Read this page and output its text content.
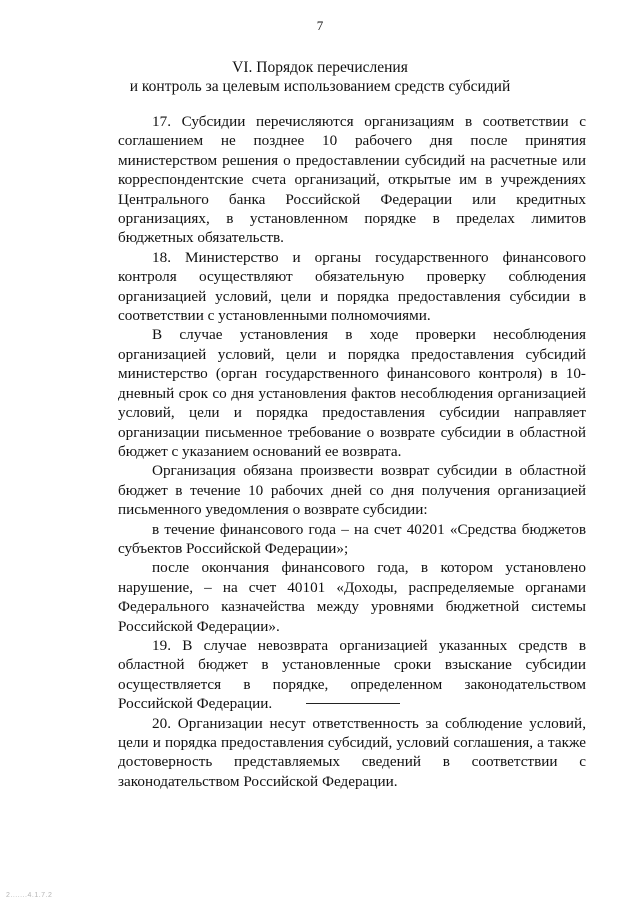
7
VI. Порядок перечисления
и контроль за целевым использованием средств субсидий

17. Субсидии перечисляются организациям в соответствии с соглашением не позднее 10 рабочего дня после принятия министерством решения о предоставлении субсидий на расчетные или корреспондентские счета организаций, открытые им в учреждениях Центрального банка Российской Федерации или кредитных организациях, в установленном порядке в пределах лимитов бюджетных обязательств.

18. Министерство и органы государственного финансового контроля осуществляют обязательную проверку соблюдения организацией условий, цели и порядка предоставления субсидии в соответствии с установленными полномочиями.

В случае установления в ходе проверки несоблюдения организацией условий, цели и порядка предоставления субсидий министерство (орган государственного финансового контроля) в 10-дневный срок со дня установления фактов несоблюдения организацией условий, цели и порядка предоставления субсидии направляет организации письменное требование о возврате субсидии в областной бюджет с указанием оснований ее возврата.

Организация обязана произвести возврат субсидии в областной бюджет в течение 10 рабочих дней со дня получения организацией письменного уведомления о возврате субсидии:

в течение финансового года – на счет 40201 «Средства бюджетов субъектов Российской Федерации»;

после окончания финансового года, в котором установлено нарушение, – на счет 40101 «Доходы, распределяемые органами Федерального казначейства между уровнями бюджетной системы Российской Федерации».

19. В случае невозврата организацией указанных средств в областной бюджет в установленные сроки взыскание субсидии осуществляется в порядке, определенном законодательством Российской Федерации.

20. Организации несут ответственность за соблюдение условий, цели и порядка предоставления субсидий, условий соглашения, а также достоверность представляемых сведений в соответствии с законодательством Российской Федерации.

2.......4.1.7.2
